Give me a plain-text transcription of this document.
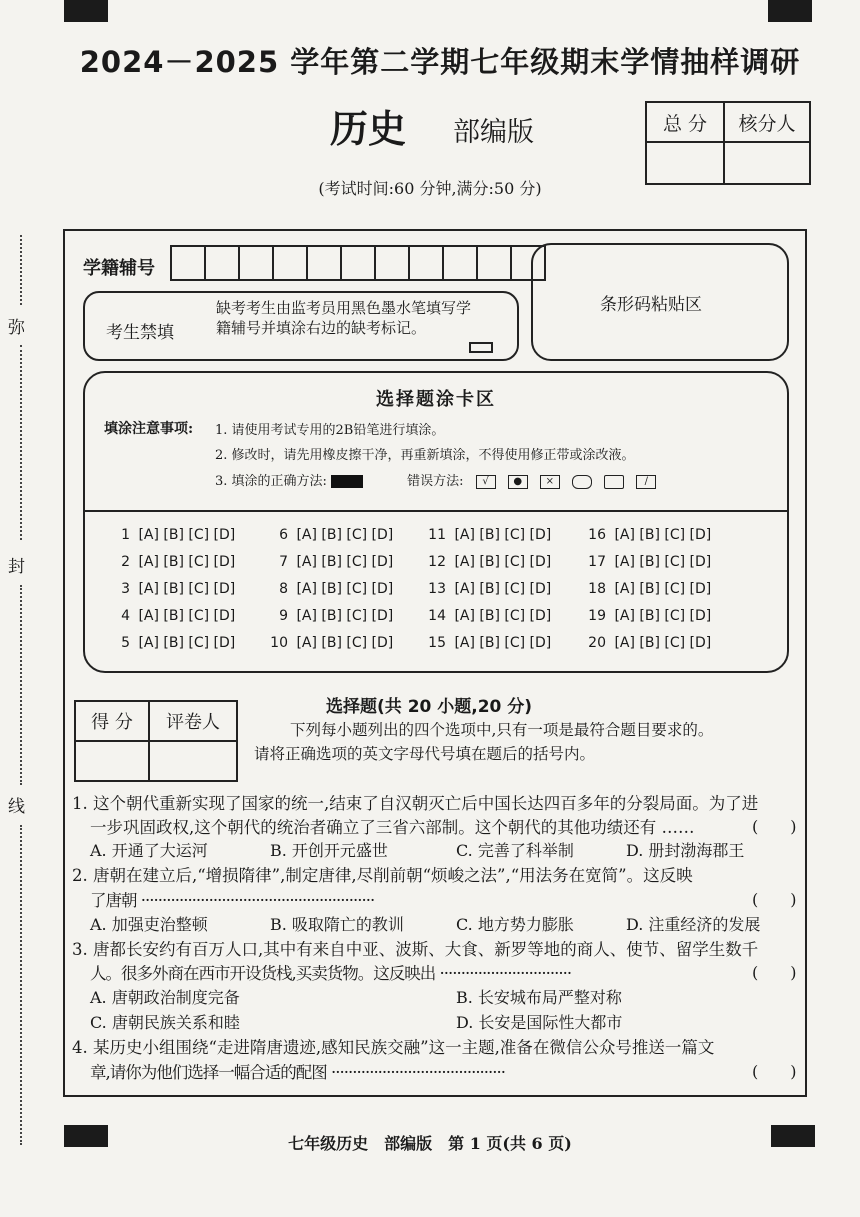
弥
封
线
2024－2025 学年第二学期七年级期末学情抽样调研
历史 部编版	总 分	核分人

(考试时间:60 分钟,满分:50 分)
学籍辅号
条形码粘贴区
考生禁填
缺考考生由监考员用黑色墨水笔填写学籍辅号并填涂右边的缺考标记。
选择题涂卡区
填涂注意事项: 1. 请使用考试专用的2B铅笔进行填涂。
2. 修改时，请先用橡皮擦干净，再重新填涂，不得使用修正带或涂改液。
3. 填涂的正确方法:	错误方法: √ ● ×	/
1 [A] [B] [C] [D]
2 [A] [B] [C] [D]
3 [A] [B] [C] [D]
4 [A] [B] [C] [D]
5 [A] [B] [C] [D]
6 [A] [B] [C] [D]
7 [A] [B] [C] [D]
8 [A] [B] [C] [D]
9 [A] [B] [C] [D]
10 [A] [B] [C] [D]
11 [A] [B] [C] [D]
12 [A] [B] [C] [D]
13 [A] [B] [C] [D]
14 [A] [B] [C] [D]
15 [A] [B] [C] [D]
16 [A] [B] [C] [D]
17 [A] [B] [C] [D]
18 [A] [B] [C] [D]
19 [A] [B] [C] [D]
20 [A] [B] [C] [D]
得 分	评卷人

选择题(共 20 小题,20 分)
下列每小题列出的四个选项中,只有一项是最符合题目要求的。
请将正确选项的英文字母代号填在题后的括号内。
1. 这个朝代重新实现了国家的统一,结束了自汉朝灭亡后中国长达四百多年的分裂局面。为了进
一步巩固政权,这个朝代的统治者确立了三省六部制。这个朝代的其他功绩还有 ……	(　　)
A. 开通了大运河	B. 开创开元盛世	C. 完善了科举制	D. 册封渤海郡王
2. 唐朝在建立后,“增损隋律”,制定唐律,尽削前朝“烦峻之法”,“用法务在宽简”。这反映
了唐朝 ·······················································	(　　)
A. 加强吏治整顿	B. 吸取隋亡的教训	C. 地方势力膨胀	D. 注重经济的发展
3. 唐都长安约有百万人口,其中有来自中亚、波斯、大食、新罗等地的商人、使节、留学生数千
人。很多外商在西市开设货栈,买卖货物。这反映出 ·······························	(　　)
A. 唐朝政治制度完备	B. 长安城布局严整对称
C. 唐朝民族关系和睦	D. 长安是国际性大都市
4. 某历史小组围绕“走进隋唐遗迹,感知民族交融”这一主题,准备在微信公众号推送一篇文
章,请你为他们选择一幅合适的配图 ·········································	(　　)
七年级历史　部编版　第 1 页(共 6 页)
